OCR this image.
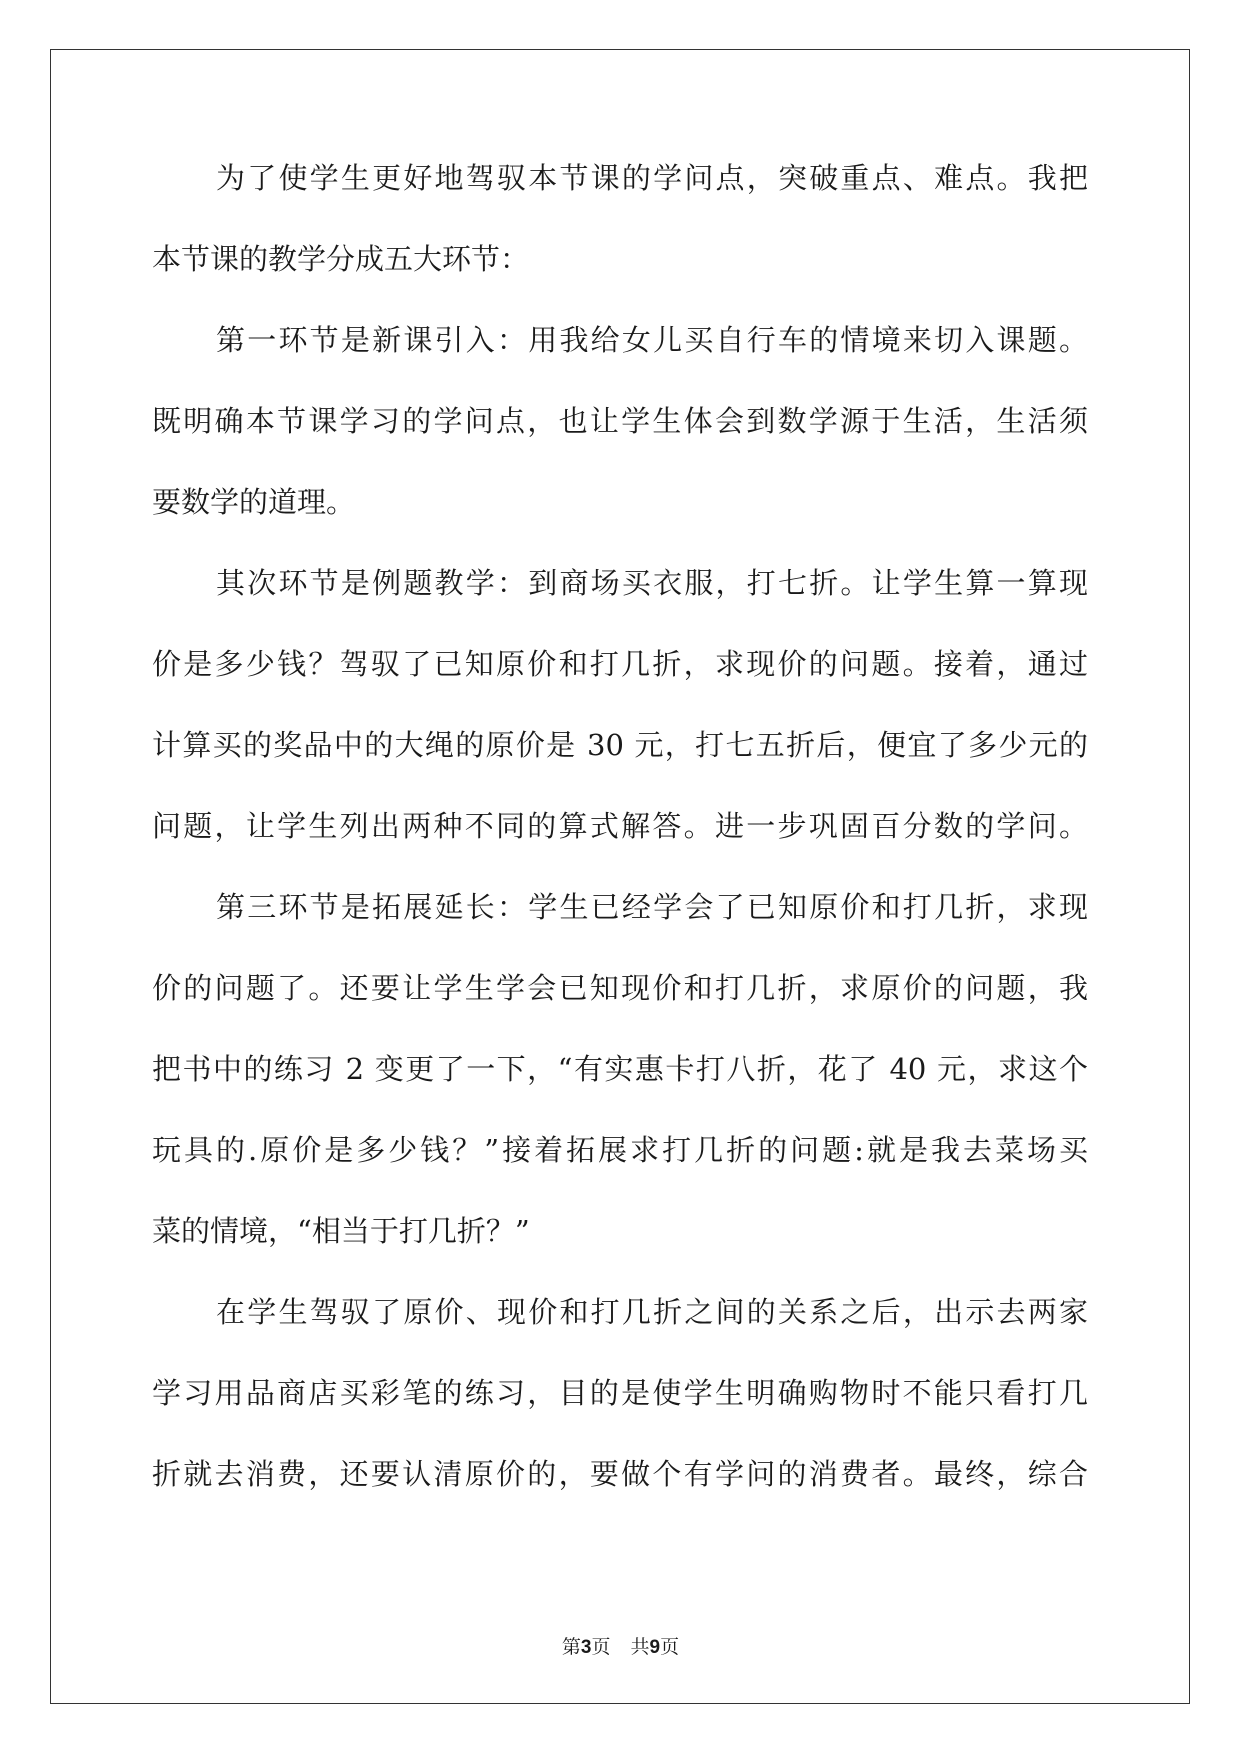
为了使学生更好地驾驭本节课的学问点，突破重点、难点。我把
本节课的教学分成五大环节：
第一环节是新课引入：用我给女儿买自行车的情境来切入课题。
既明确本节课学习的学问点，也让学生体会到数学源于生活，生活须
要数学的道理。
其次环节是例题教学：到商场买衣服，打七折。让学生算一算现
价是多少钱？驾驭了已知原价和打几折，求现价的问题。接着，通过
计算买的奖品中的大绳的原价是 30 元，打七五折后，便宜了多少元的
问题，让学生列出两种不同的算式解答。进一步巩固百分数的学问。
第三环节是拓展延长：学生已经学会了已知原价和打几折，求现
价的问题了。还要让学生学会已知现价和打几折，求原价的问题，我
把书中的练习 2 变更了一下，“有实惠卡打八折，花了 40 元，求这个
玩具的.原价是多少钱？”接着拓展求打几折的问题:就是我去菜场买
菜的情境，“相当于打几折？”
在学生驾驭了原价、现价和打几折之间的关系之后，出示去两家
学习用品商店买彩笔的练习，目的是使学生明确购物时不能只看打几
折就去消费，还要认清原价的，要做个有学问的消费者。最终，综合
第3页 共9页
